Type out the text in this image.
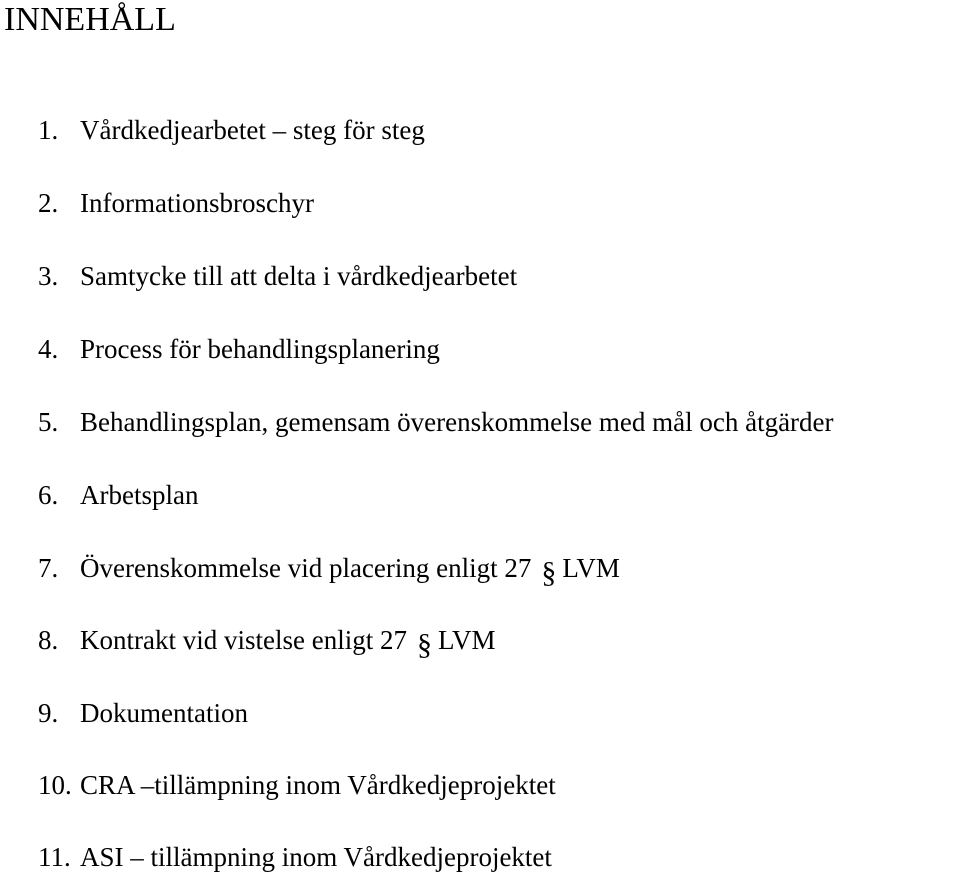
INNEHÅLL
1. Vårdkedjearbetet – steg för steg
2. Informationsbroschyr
3. Samtycke till att delta i vårdkedjearbetet
4. Process för behandlingsplanering
5. Behandlingsplan, gemensam överenskommelse med mål och åtgärder
6. Arbetsplan
7. Överenskommelse vid placering enligt 27 § LVM
8. Kontrakt vid vistelse enligt 27 § LVM
9. Dokumentation
10. CRA –tillämpning inom Vårdkedjeprojektet
11. ASI – tillämpning inom Vårdkedjeprojektet
